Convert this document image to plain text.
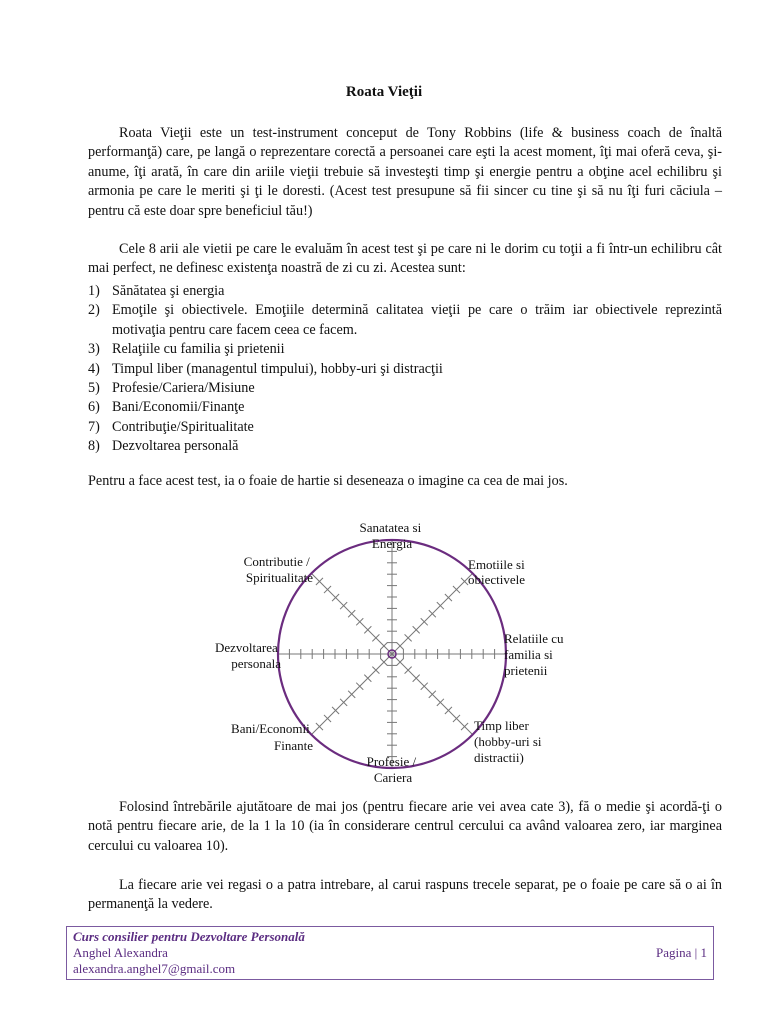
Roata Vieţii

Roata Vieţii este un test-instrument conceput de Tony Robbins (life & business coach de înaltă performanţă) care, pe langă o reprezentare corectă a persoanei care eşti la acest moment, îţi mai oferă ceva, şi-anume, îţi arată, în care din ariile vieţii trebuie să investeşti timp şi energie pentru a obţine acel echilibru şi armonia pe care le meriti şi ţi le doresti. (Acest test presupune să fii sincer cu tine şi să nu îţi furi căciula – pentru că este doar spre beneficiul tău!)

Cele 8 arii ale vietii pe care le evaluăm în acest test şi pe care ni le dorim cu toţii a fi într-un echilibru cât mai perfect, ne definesc existenţa noastră de zi cu zi. Acestea sunt:

1) Sănătatea şi energia
2) Emoţile şi obiectivele. Emoţiile determină calitatea vieţii pe care o trăim iar obiectivele reprezintă motivaţia pentru care facem ceea ce facem.
3) Relaţiile cu familia şi prietenii
4) Timpul liber (managentul timpului), hobby-uri şi distracţii
5) Profesie/Cariera/Misiune
6) Bani/Economii/Finanţe
7) Contribuţie/Spiritualitate
8) Dezvoltarea personală
Pentru a face acest test, ia o foaie de hartie si deseneaza o imagine ca cea de mai jos.
Sanatatea si Energia
Emotiile si obiectivele
Relatiile cu familia si prietenii
Timp liber (hobby-uri si distractii)
Profesie / Cariera
Bani/Economii Finante
Dezvoltarea personala
Contributie / Spiritualitate

Folosind întrebările ajutătoare de mai jos (pentru fiecare arie vei avea cate 3), fă o medie şi acordă-ţi o notă pentru fiecare arie, de la 1 la 10 (ia în considerare centrul cercului ca având valoarea zero, iar marginea cercului cu valoarea 10).

La fiecare arie vei regasi o a patra intrebare, al carui raspuns trecele separat, pe o foaie pe care să o ai în permanenţă la vedere.

Curs consilier pentru Dezvoltare Personală
Anghel Alexandra
alexandra.anghel7@gmail.com
Pagina | 1
